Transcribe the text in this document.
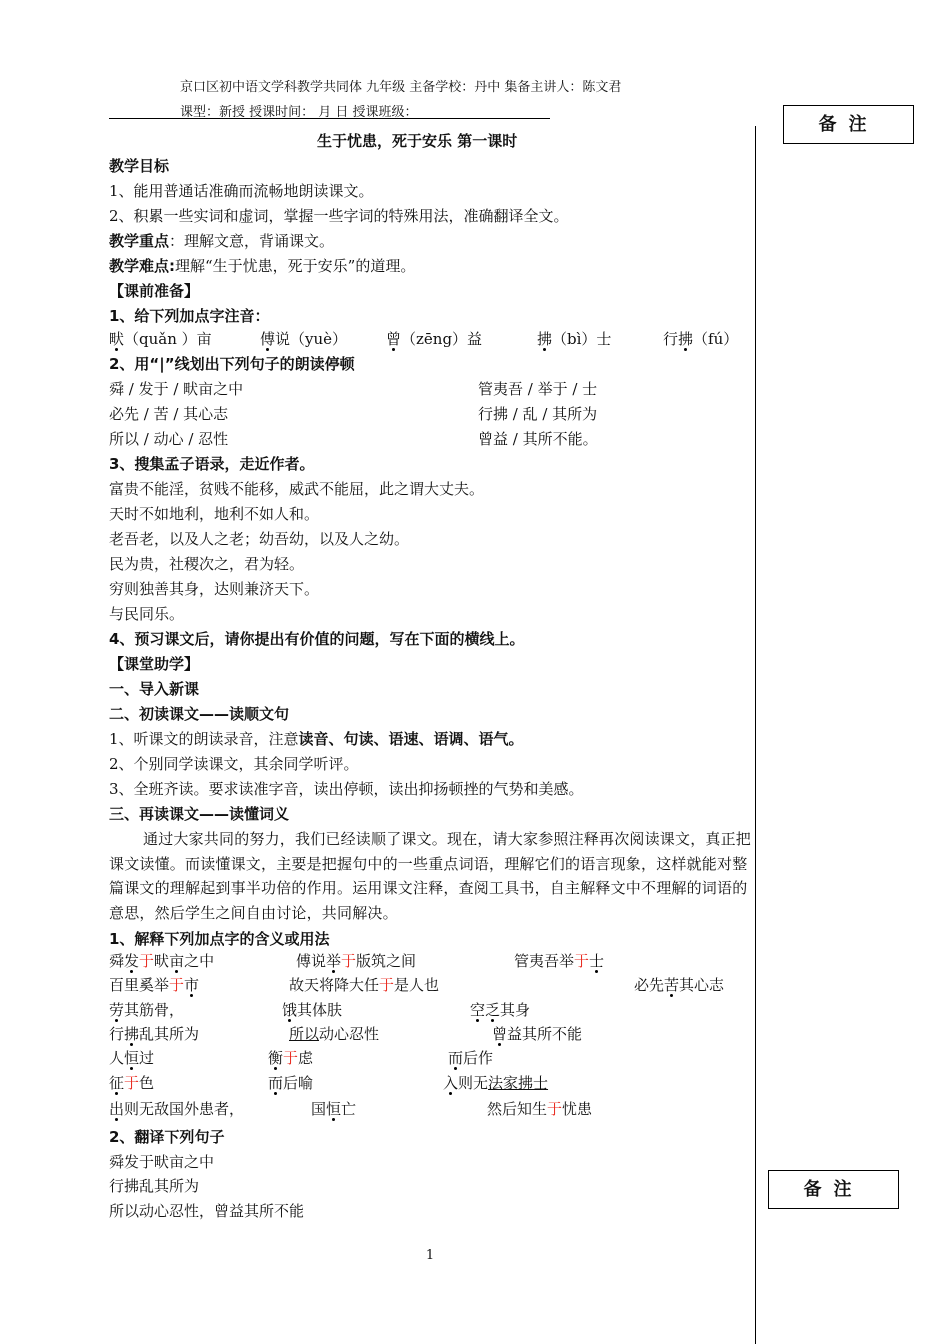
京口区初中语文学科教学共同体 九年级 主备学校：丹中 集备主讲人：陈文君
课型：新授 授课时间： 月 日 授课班级：
备注
备注
生于忧患，死于安乐 第一课时
教学目标
1、能用普通话准确而流畅地朗读课文。
2、积累一些实词和虚词，掌握一些字词的特殊用法，准确翻译全文。
教学重点：理解文意，背诵课文。
教学难点:理解“生于忧患，死于安乐”的道理。
【课前准备】
1、给下列加点字注音：
畎（quǎn ）亩	傅说（yuè）	曾（zēng）益	拂（bì）士	行拂（fú）
2、用“|”线划出下列句子的朗读停顿
舜 / 发于 / 畎亩之中	管夷吾 / 举于 / 士
必先 / 苦 / 其心志	行拂 / 乱 / 其所为
所以 / 动心 / 忍性	曾益 / 其所不能。
3、搜集孟子语录，走近作者。
富贵不能淫，贫贱不能移，威武不能屈，此之谓大丈夫。
天时不如地利，地利不如人和。
老吾老，以及人之老；幼吾幼，以及人之幼。
民为贵，社稷次之，君为轻。
穷则独善其身，达则兼济天下。
与民同乐。
4、预习课文后，请你提出有价值的问题，写在下面的横线上。
【课堂助学】
一、导入新课
二、初读课文——读顺文句
1、听课文的朗读录音，注意读音、句读、语速、语调、语气。
2、个别同学读课文，其余同学听评。
3、全班齐读。要求读准字音，读出停顿，读出抑扬顿挫的气势和美感。
三、再读课文——读懂词义
通过大家共同的努力，我们已经读顺了课文。现在，请大家参照注释再次阅读课文，真正把课文读懂。而读懂课文，主要是把握句中的一些重点词语，理解它们的语言现象，这样就能对整篇课文的理解起到事半功倍的作用。运用课文注释，查阅工具书，自主解释文中不理解的词语的意思，然后学生之间自由讨论，共同解决。
1、解释下列加点字的含义或用法
舜发于畎亩之中	傅说举于版筑之间	管夷吾举于士
百里奚举于市	故天将降大任于是人也	必先苦其心志
劳其筋骨，	饿其体肤	空乏其身
行拂乱其所为	所以动心忍性	曾益其所不能
人恒过	衡于虑	而后作
征于色	而后喻	入则无法家拂士
出则无敌国外患者，	国恒亡	然后知生于忧患
2、翻译下列句子
舜发于畎亩之中
行拂乱其所为
所以动心忍性，曾益其所不能
1
